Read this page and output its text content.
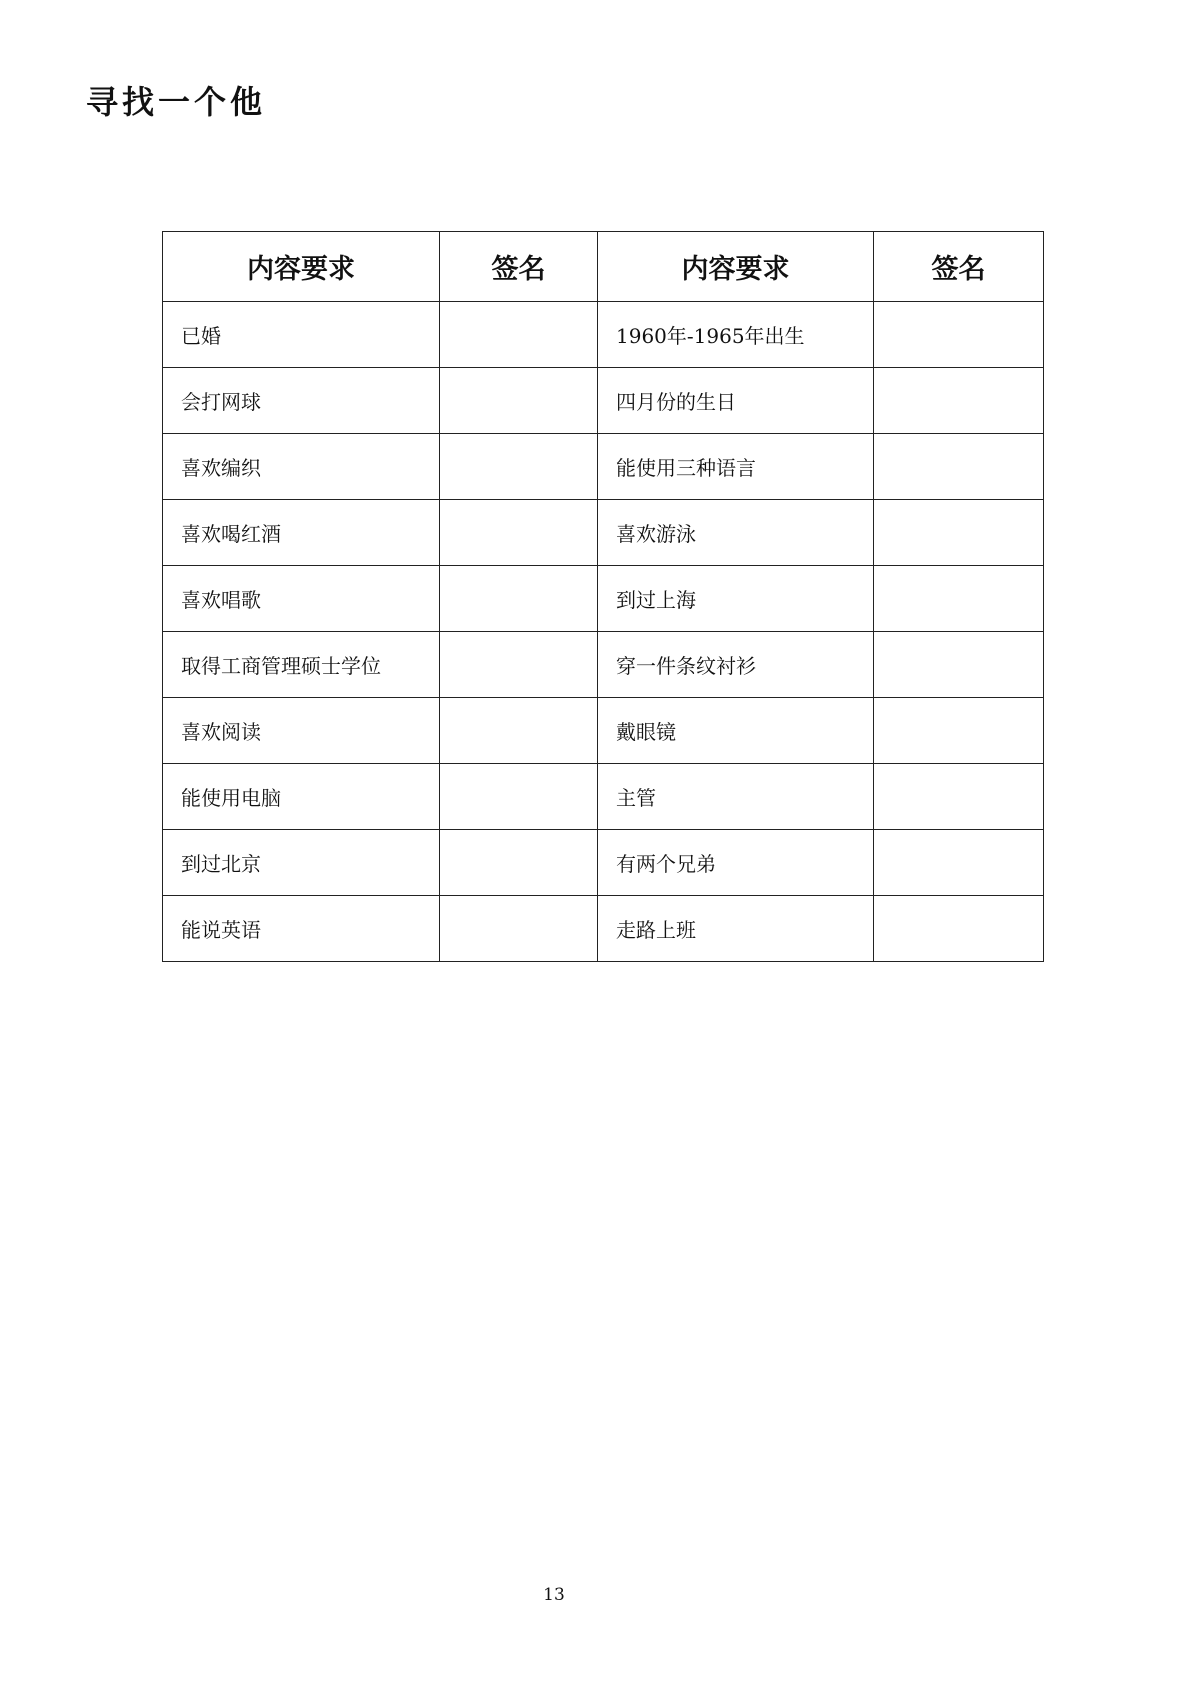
寻找一个他
内容要求	签名	内容要求	签名
已婚		1960年-1965年出生	
会打网球		四月份的生日	
喜欢编织		能使用三种语言	
喜欢喝红酒		喜欢游泳	
喜欢唱歌		到过上海	
取得工商管理硕士学位		穿一件条纹衬衫	
喜欢阅读		戴眼镜	
能使用电脑		主管	
到过北京		有两个兄弟	
能说英语		走路上班	
13
